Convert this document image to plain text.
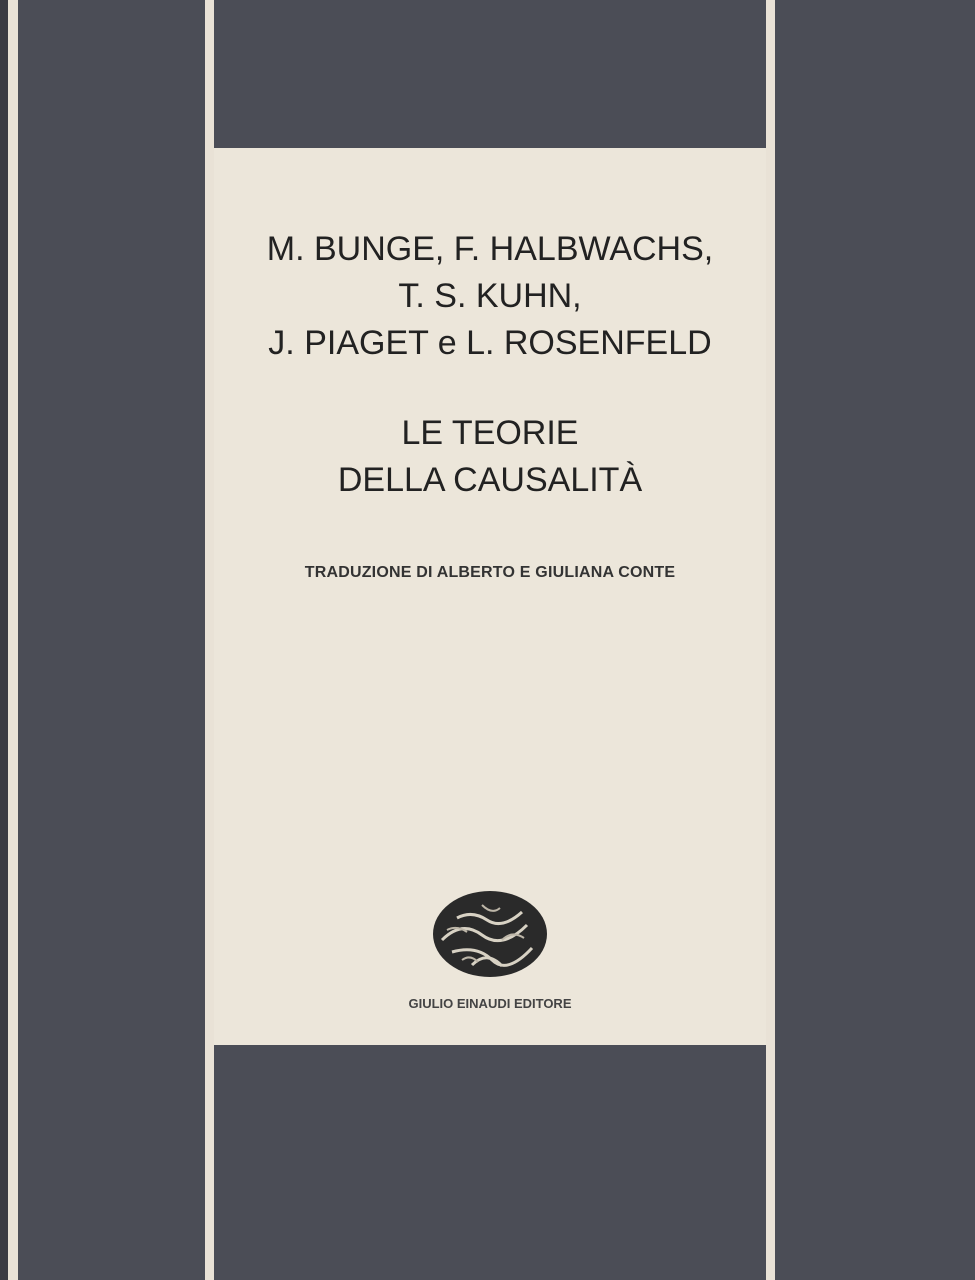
M. BUNGE, F. HALBWACHS,
T. S. KUHN,
J. PIAGET e L. ROSENFELD
LE TEORIE
DELLA CAUSALITÀ
TRADUZIONE DI ALBERTO E GIULIANA CONTE
GIULIO EINAUDI EDITORE
